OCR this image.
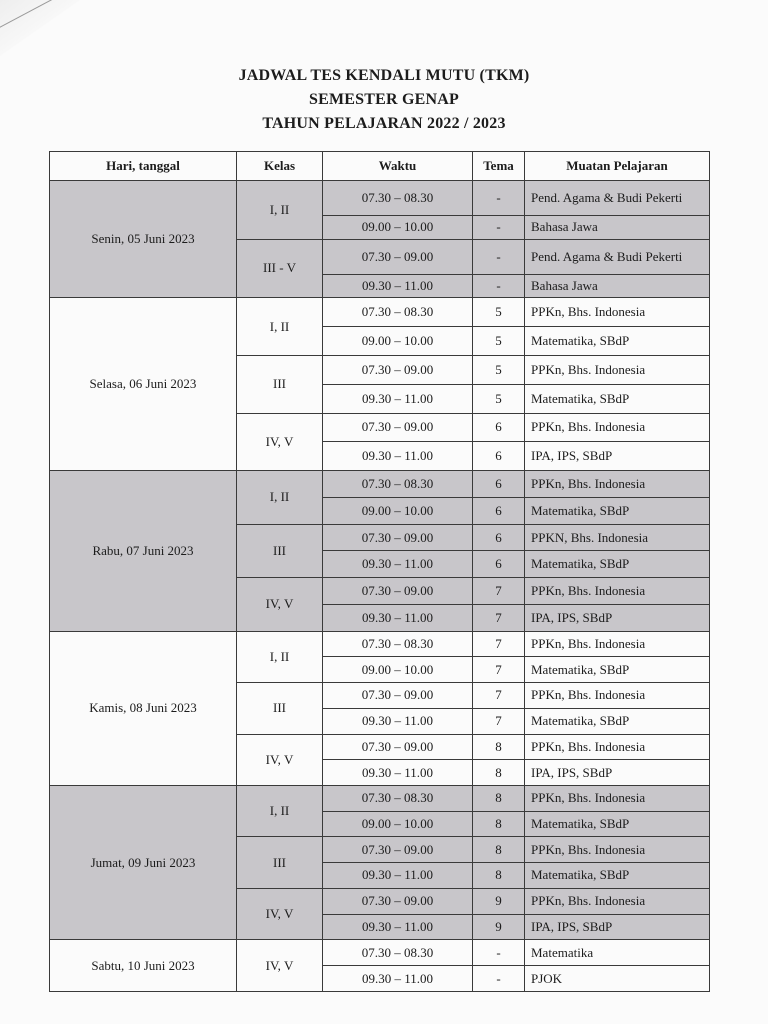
JADWAL TES KENDALI MUTU (TKM)
SEMESTER GENAP
TAHUN PELAJARAN 2022 / 2023
Hari, tanggal	Kelas	Waktu	Tema	Muatan Pelajaran
Senin, 05 Juni 2023	I, II	07.30 – 08.30	-	Pend. Agama & Budi Pekerti
		09.00 – 10.00	-	Bahasa Jawa
	III - V	07.30 – 09.00	-	Pend. Agama & Budi Pekerti
		09.30 – 11.00	-	Bahasa Jawa
Selasa, 06 Juni 2023	I, II	07.30 – 08.30	5	PPKn, Bhs. Indonesia
		09.00 – 10.00	5	Matematika, SBdP
	III	07.30 – 09.00	5	PPKn, Bhs. Indonesia
		09.30 – 11.00	5	Matematika, SBdP
	IV, V	07.30 – 09.00	6	PPKn, Bhs. Indonesia
		09.30 – 11.00	6	IPA, IPS, SBdP
Rabu, 07 Juni 2023	I, II	07.30 – 08.30	6	PPKn, Bhs. Indonesia
		09.00 – 10.00	6	Matematika, SBdP
	III	07.30 – 09.00	6	PPKN, Bhs. Indonesia
		09.30 – 11.00	6	Matematika, SBdP
	IV, V	07.30 – 09.00	7	PPKn, Bhs. Indonesia
		09.30 – 11.00	7	IPA, IPS, SBdP
Kamis, 08 Juni 2023	I, II	07.30 – 08.30	7	PPKn, Bhs. Indonesia
		09.00 – 10.00	7	Matematika, SBdP
	III	07.30 – 09.00	7	PPKn, Bhs. Indonesia
		09.30 – 11.00	7	Matematika, SBdP
	IV, V	07.30 – 09.00	8	PPKn, Bhs. Indonesia
		09.30 – 11.00	8	IPA, IPS, SBdP
Jumat, 09 Juni 2023	I, II	07.30 – 08.30	8	PPKn, Bhs. Indonesia
		09.00 – 10.00	8	Matematika, SBdP
	III	07.30 – 09.00	8	PPKn, Bhs. Indonesia
		09.30 – 11.00	8	Matematika, SBdP
	IV, V	07.30 – 09.00	9	PPKn, Bhs. Indonesia
		09.30 – 11.00	9	IPA, IPS, SBdP
Sabtu, 10 Juni 2023	IV, V	07.30 – 08.30	-	Matematika
		09.30 – 11.00	-	PJOK
